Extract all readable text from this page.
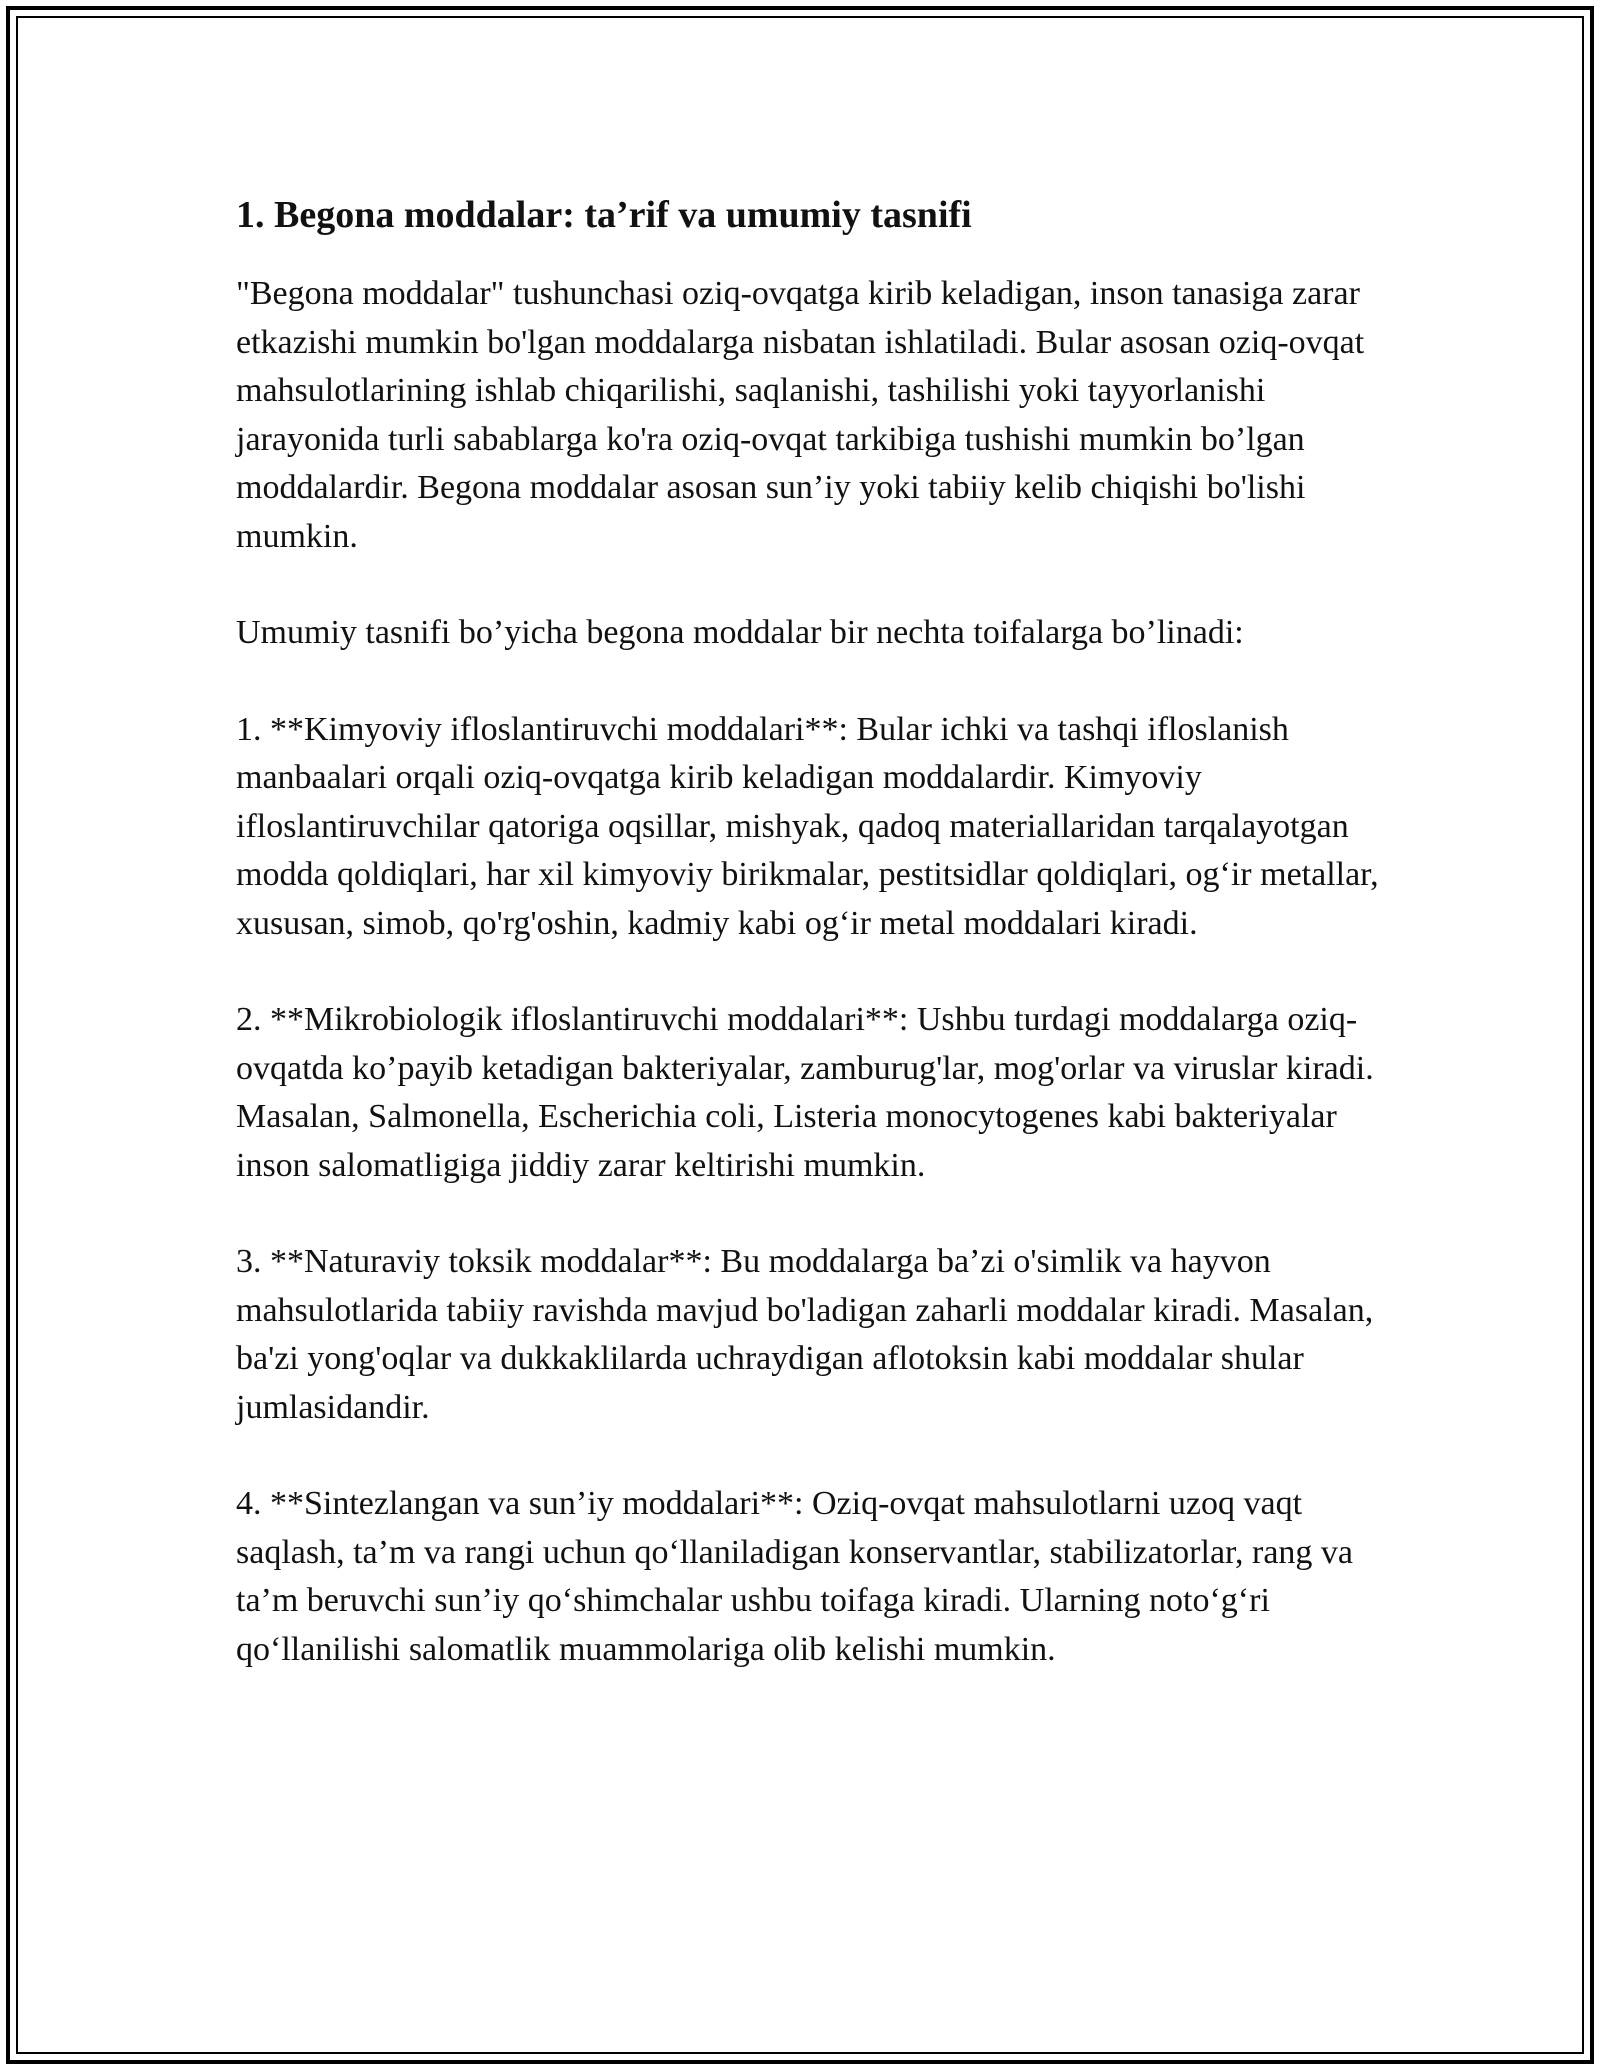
1. Begona moddalar: ta’rif va umumiy tasnifi

"Begona moddalar" tushunchasi oziq-ovqatga kirib keladigan, inson tanasiga zarar etkazishi mumkin bo'lgan moddalarga nisbatan ishlatiladi. Bular asosan oziq-ovqat mahsulotlarining ishlab chiqarilishi, saqlanishi, tashilishi yoki tayyorlanishi jarayonida turli sabablarga ko'ra oziq-ovqat tarkibiga tushishi mumkin bo’lgan moddalardir. Begona moddalar asosan sun’iy yoki tabiiy kelib chiqishi bo'lishi mumkin.

Umumiy tasnifi bo’yicha begona moddalar bir nechta toifalarga bo’linadi:

1. **Kimyoviy ifloslantiruvchi moddalari**: Bular ichki va tashqi ifloslanish manbaalari orqali oziq-ovqatga kirib keladigan moddalardir. Kimyoviy ifloslantiruvchilar qatoriga oqsillar, mishyak, qadoq materiallaridan tarqalayotgan modda qoldiqlari, har xil kimyoviy birikmalar, pestitsidlar qoldiqlari, og‘ir metallar, xususan, simob, qo'rg'oshin, kadmiy kabi og‘ir metal moddalari kiradi.

2. **Mikrobiologik ifloslantiruvchi moddalari**: Ushbu turdagi moddalarga oziq-ovqatda ko’payib ketadigan bakteriyalar, zamburug'lar, mog'orlar va viruslar kiradi. Masalan, Salmonella, Escherichia coli, Listeria monocytogenes kabi bakteriyalar inson salomatligiga jiddiy zarar keltirishi mumkin.

3. **Naturaviy toksik moddalar**: Bu moddalarga ba’zi o'simlik va hayvon mahsulotlarida tabiiy ravishda mavjud bo'ladigan zaharli moddalar kiradi. Masalan, ba'zi yong'oqlar va dukkaklilarda uchraydigan aflotoksin kabi moddalar shular jumlasidandir.

4. **Sintezlangan va sun’iy moddalari**: Oziq-ovqat mahsulotlarni uzoq vaqt saqlash, ta’m va rangi uchun qo‘llaniladigan konservantlar, stabilizatorlar, rang va ta’m beruvchi sun’iy qo‘shimchalar ushbu toifaga kiradi. Ularning noto‘g‘ri qo‘llanilishi salomatlik muammolariga olib kelishi mumkin.
